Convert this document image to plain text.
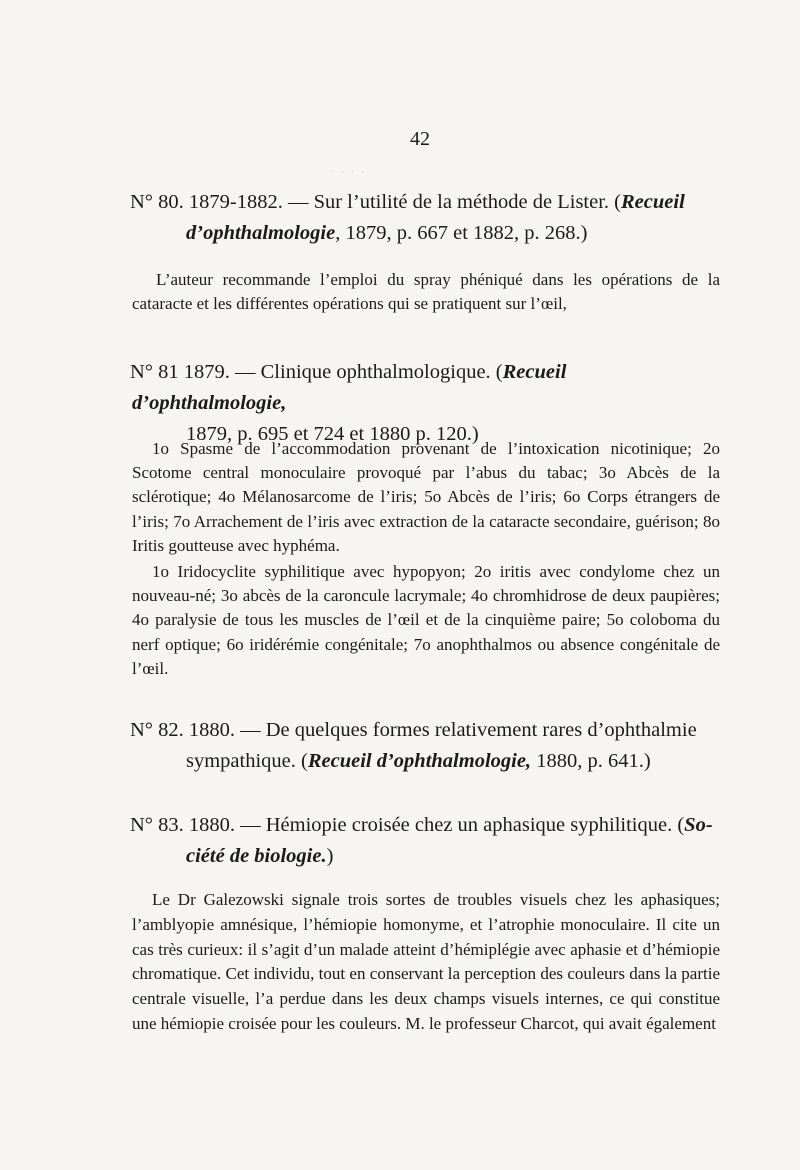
· · · ·
42
N° 80. 1879-1882. — Sur l’utilité de la méthode de Lister. (Recueil
d’ophthalmologie, 1879, p. 667 et 1882, p. 268.)

L’auteur recommande l’emploi du spray phéniqué dans les opérations de la cataracte et les différentes opérations qui se pratiquent sur l’œil,

N° 81 1879. — Clinique ophthalmologique. (Recueil d’ophthalmologie,
1879, p. 695 et 724 et 1880 p. 120.)

1o Spasme de l’accommodation provenant de l’intoxication nicotinique; 2o Scotome central monoculaire provoqué par l’abus du tabac; 3o Abcès de la sclérotique; 4o Mélanosarcome de l’iris; 5o Abcès de l’iris; 6o Corps étrangers de l’iris; 7o Arrachement de l’iris avec extraction de la cataracte secondaire, guérison; 8o Iritis goutteuse avec hyphéma.

1o Iridocyclite syphilitique avec hypopyon; 2o iritis avec condylome chez un nouveau-né; 3o abcès de la caroncule lacrymale; 4o chromhidrose de deux paupières; 4o paralysie de tous les muscles de l’œil et de la cinquième paire; 5o coloboma du nerf optique; 6o iridérémie congénitale; 7o anophthalmos ou absence congénitale de l’œil.

N° 82. 1880. — De quelques formes relativement rares d’ophthalmie
sympathique. (Recueil d’ophthalmologie, 1880, p. 641.)
N° 83. 1880. — Hémiopie croisée chez un aphasique syphilitique. (So-
ciété de biologie.)

Le Dr Galezowski signale trois sortes de troubles visuels chez les aphasiques; l’amblyopie amnésique, l’hémiopie homonyme, et l’atrophie monoculaire. Il cite un cas très curieux: il s’agit d’un malade atteint d’hémiplégie avec aphasie et d’hémiopie chromatique. Cet individu, tout en conservant la perception des couleurs dans la partie centrale visuelle, l’a perdue dans les deux champs visuels internes, ce qui constitue une hémiopie croisée pour les couleurs. M. le professeur Charcot, qui avait également
